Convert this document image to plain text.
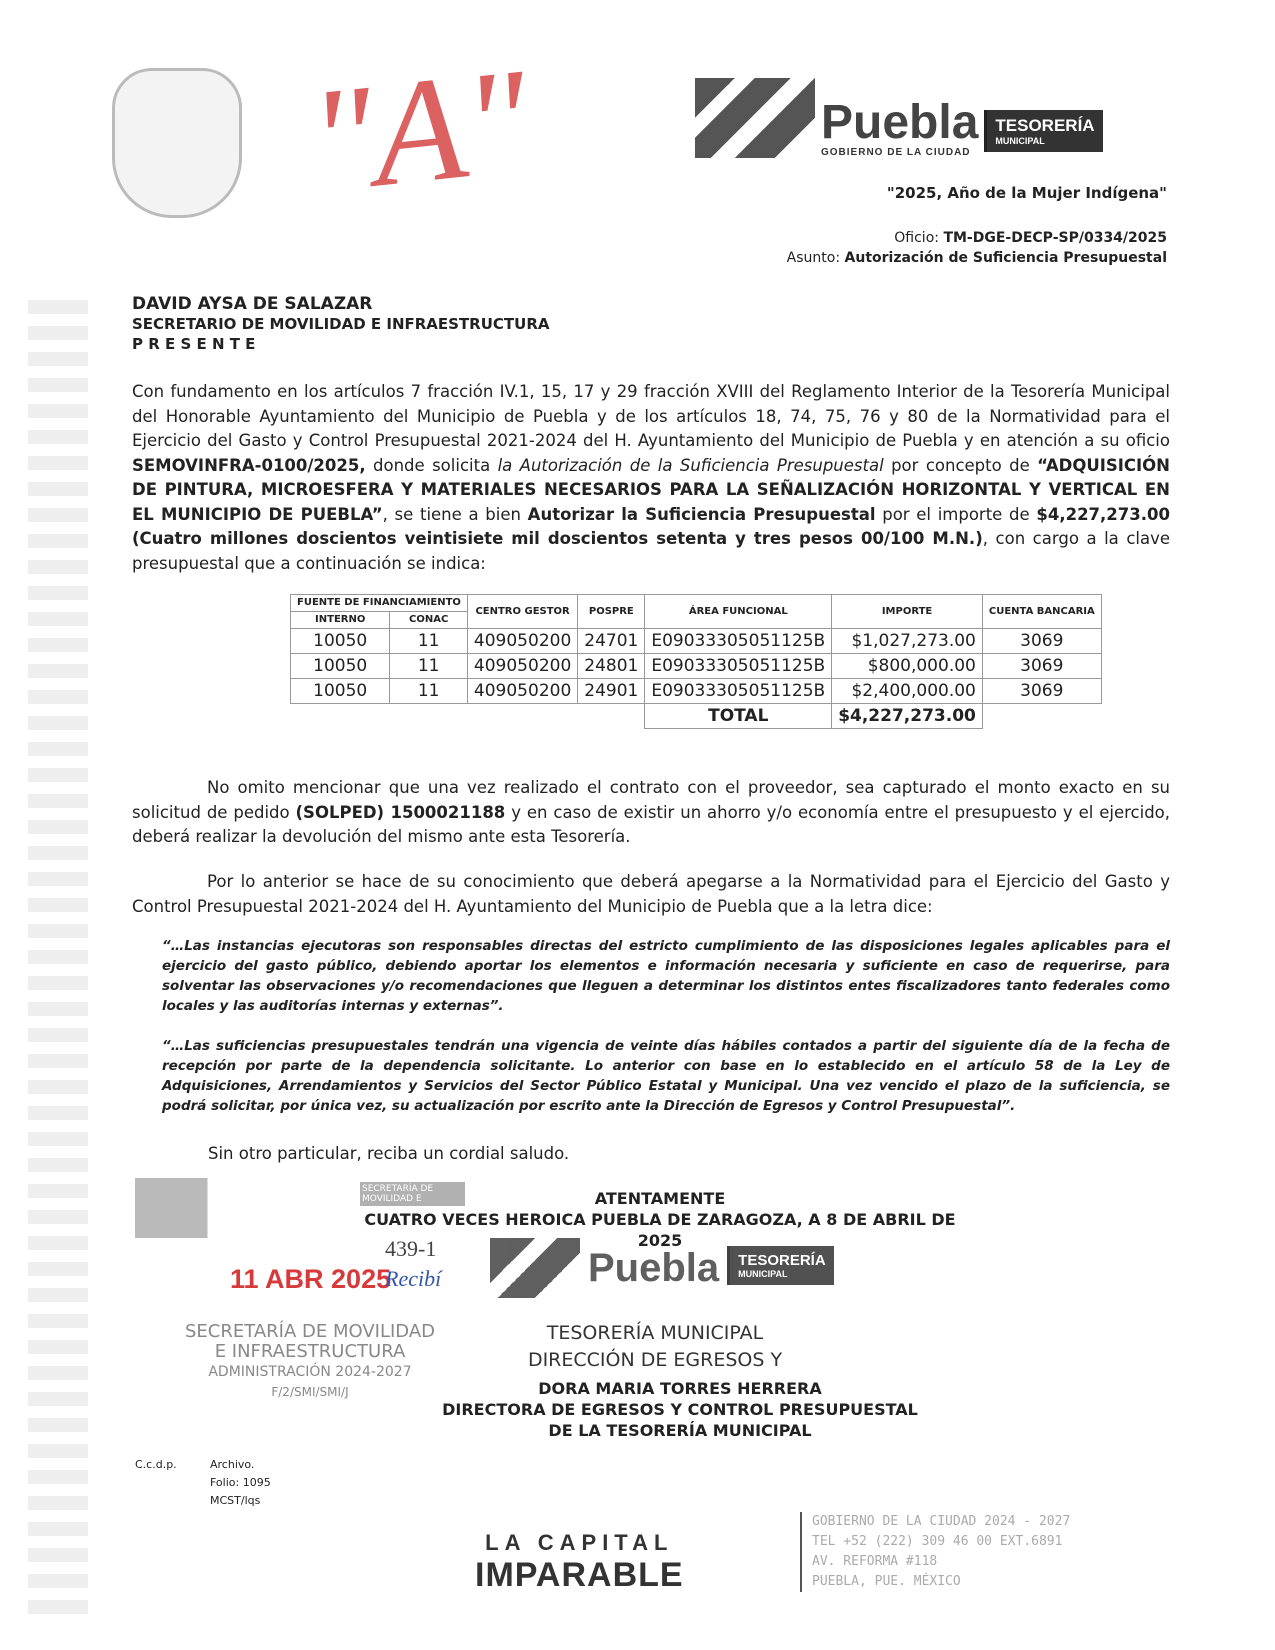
"A"	Puebla
GOBIERNO DE LA CIUDAD
TESORERÍA
MUNICIPAL
"2025, Año de la Mujer Indígena"
Oficio: TM-DGE-DECP-SP/0334/2025
Asunto: Autorización de Suficiencia Presupuestal
DAVID AYSA DE SALAZAR
SECRETARIO DE MOVILIDAD E INFRAESTRUCTURA
P R E S E N T E

Con fundamento en los artículos 7 fracción IV.1, 15, 17 y 29 fracción XVIII del Reglamento Interior de la Tesorería Municipal del Honorable Ayuntamiento del Municipio de Puebla y de los artículos 18, 74, 75, 76 y 80 de la Normatividad para el Ejercicio del Gasto y Control Presupuestal 2021-2024 del H. Ayuntamiento del Municipio de Puebla y en atención a su oficio SEMOVINFRA-0100/2025, donde solicita la Autorización de la Suficiencia Presupuestal por concepto de “ADQUISICIÓN DE PINTURA, MICROESFERA Y MATERIALES NECESARIOS PARA LA SEÑALIZACIÓN HORIZONTAL Y VERTICAL EN EL MUNICIPIO DE PUEBLA”, se tiene a bien Autorizar la Suficiencia Presupuestal por el importe de $4,227,273.00 (Cuatro millones doscientos veintisiete mil doscientos setenta y tres pesos 00/100 M.N.), con cargo a la clave presupuestal que a continuación se indica:

FUENTE DE FINANCIAMIENTO		CENTRO GESTOR	POSPRE	ÁREA FUNCIONAL	IMPORTE	CUENTA BANCARIA
INTERNO	CONAC					
10050	11	409050200	24701	E09033305051125B	$1,027,273.00	3069
10050	11	409050200	24801	E09033305051125B	$800,000.00	3069
10050	11	409050200	24901	E09033305051125B	$2,400,000.00	3069
				TOTAL	$4,227,273.00	

No omito mencionar que una vez realizado el contrato con el proveedor, sea capturado el monto exacto en su solicitud de pedido (SOLPED) 1500021188 y en caso de existir un ahorro y/o economía entre el presupuesto y el ejercido, deberá realizar la devolución del mismo ante esta Tesorería.

Por lo anterior se hace de su conocimiento que deberá apegarse a la Normatividad para el Ejercicio del Gasto y Control Presupuestal 2021-2024 del H. Ayuntamiento del Municipio de Puebla que a la letra dice:

“…Las instancias ejecutoras son responsables directas del estricto cumplimiento de las disposiciones legales aplicables para el ejercicio del gasto público, debiendo aportar los elementos e información necesaria y suficiente en caso de requerirse, para solventar las observaciones y/o recomendaciones que lleguen a determinar los distintos entes fiscalizadores tanto federales como locales y las auditorías internas y externas”.

“…Las suficiencias presupuestales tendrán una vigencia de veinte días hábiles contados a partir del siguiente día de la fecha de recepción por parte de la dependencia solicitante. Lo anterior con base en lo establecido en el artículo 58 de la Ley de Adquisiciones, Arrendamientos y Servicios del Sector Público Estatal y Municipal. Una vez vencido el plazo de la suficiencia, se podrá solicitar, por única vez, su actualización por escrito ante la Dirección de Egresos y Control Presupuestal”.

Sin otro particular, reciba un cordial saludo.

ATENTAMENTE
CUATRO VECES HEROICA PUEBLA DE ZARAGOZA, A 8 DE ABRIL DE 2025
SECRETARÍA DE MOVILIDAD E
439-1
11 ABR 2025
Recibí
SECRETARÍA DE MOVILIDAD
E INFRAESTRUCTURA
ADMINISTRACIÓN 2024-2027
F/2/SMI/SMI/J
Puebla	TESORERÍA
MUNICIPAL
TESORERÍA MUNICIPAL
DIRECCIÓN DE EGRESOS Y
DORA MARIA TORRES HERRERA
DIRECTORA DE EGRESOS Y CONTROL PRESUPUESTAL
DE LA TESORERÍA MUNICIPAL
C.c.d.p.	Archivo.
Folio: 1095
MCST/lqs
LA CAPITAL
IMPARABLE
GOBIERNO DE LA CIUDAD 2024 - 2027
TEL +52 (222) 309 46 00 EXT.6891
AV. REFORMA #118
PUEBLA, PUE. MÉXICO
